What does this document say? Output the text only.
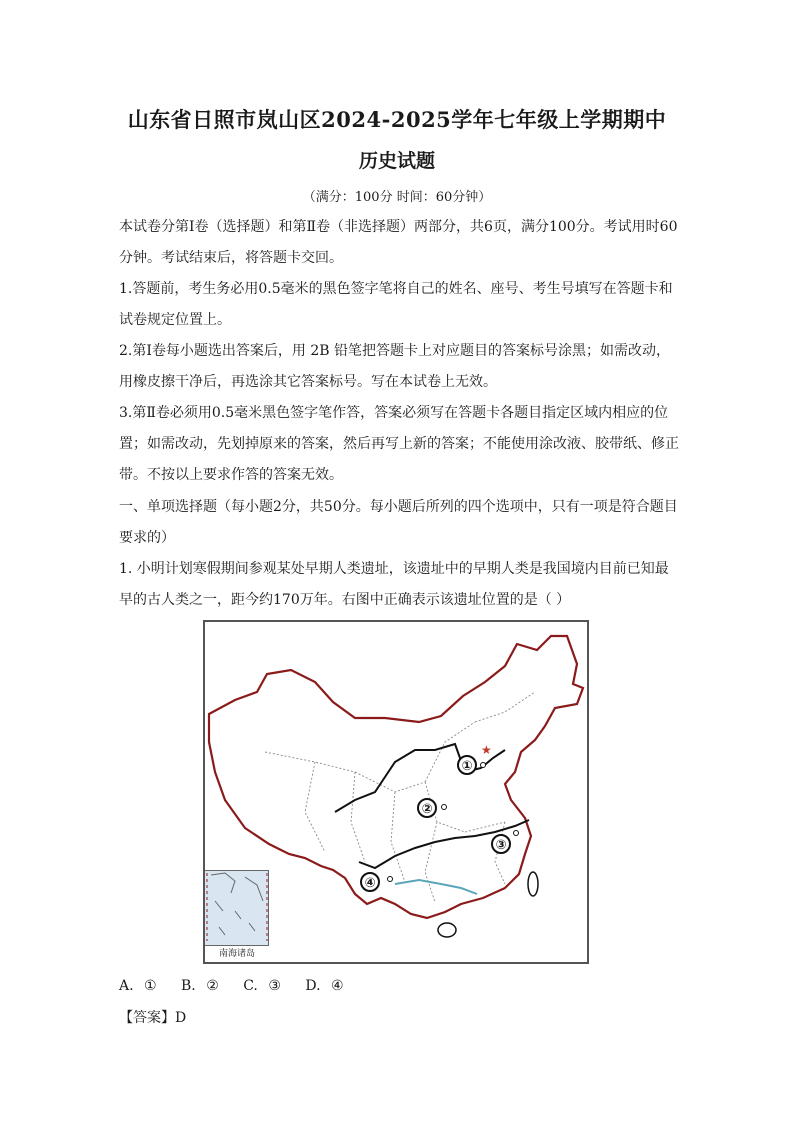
山东省日照市岚山区2024-2025学年七年级上学期期中
历史试题
（满分：100分 时间：60分钟）

本试卷分第Ⅰ卷（选择题）和第Ⅱ卷（非选择题）两部分，共6页，满分100分。考试用时60分钟。考试结束后，将答题卡交回。

1.答题前，考生务必用0.5毫米的黑色签字笔将自己的姓名、座号、考生号填写在答题卡和试卷规定位置上。

2.第Ⅰ卷每小题选出答案后，用 2B 铅笔把答题卡上对应题目的答案标号涂黑；如需改动，用橡皮擦干净后，再选涂其它答案标号。写在本试卷上无效。

3.第Ⅱ卷必须用0.5毫米黑色签字笔作答，答案必须写在答题卡各题目指定区域内相应的位置；如需改动，先划掉原来的答案，然后再写上新的答案；不能使用涂改液、胶带纸、修正带。不按以上要求作答的答案无效。

一、单项选择题（每小题2分，共50分。每小题后所列的四个选项中，只有一项是符合题目要求的）

1. 小明计划寒假期间参观某处早期人类遗址，该遗址中的早期人类是我国境内目前已知最早的古人类之一，距今约170万年。右图中正确表示该遗址位置的是（ ）

★
①
②
③
④
南海诸岛
A. ① B. ② C. ③ D. ④
【答案】D
